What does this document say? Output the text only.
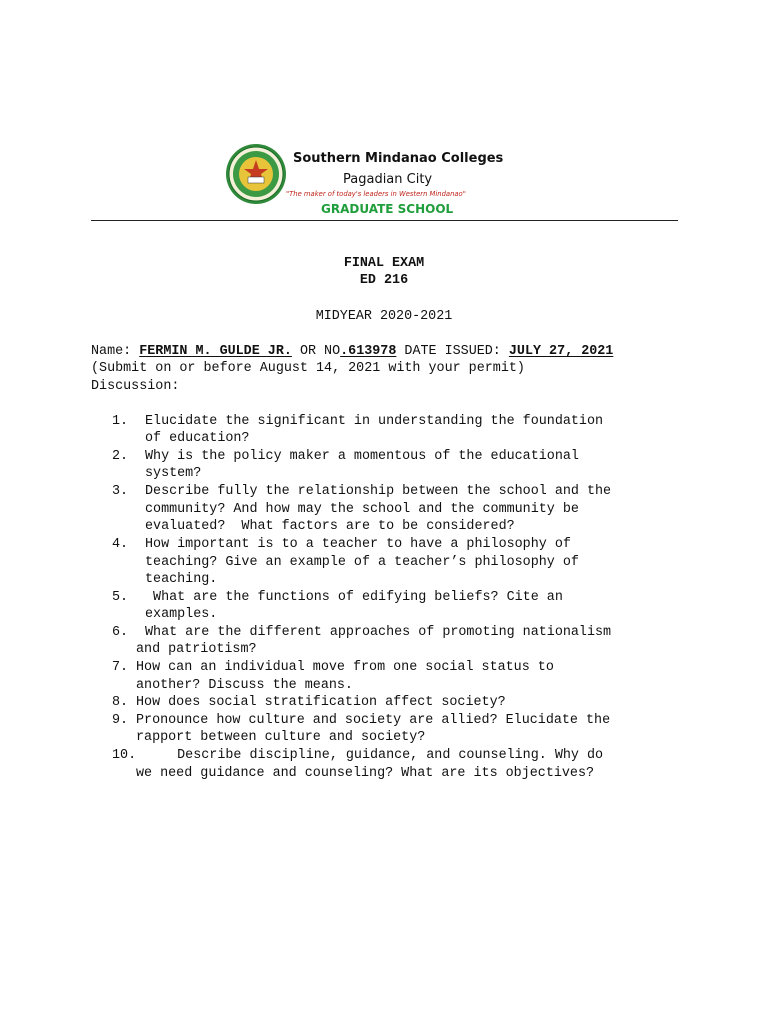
Southern Mindanao Colleges
Pagadian City
"The maker of today's leaders in Western Mindanao"
GRADUATE SCHOOL
FINAL EXAM
ED 216
MIDYEAR 2020-2021
Name: FERMIN M. GULDE JR. OR NO.613978 DATE ISSUED: JULY 27, 2021
(Submit on or before August 14, 2021 with your permit)
Discussion:
1. Elucidate the significant in understanding the foundation
of education?
2. Why is the policy maker a momentous of the educational
system?
3. Describe fully the relationship between the school and the
community? And how may the school and the community be
evaluated?  What factors are to be considered?
4. How important is to a teacher to have a philosophy of
teaching? Give an example of a teacher’s philosophy of
teaching.
5. What are the functions of edifying beliefs? Cite an
examples.
6. What are the different approaches of promoting nationalism
and patriotism?
7. How can an individual move from one social status to
another? Discuss the means.
8. How does social stratification affect society?
9. Pronounce how culture and society are allied? Elucidate the
rapport between culture and society?
10. Describe discipline, guidance, and counseling. Why do
we need guidance and counseling? What are its objectives?
